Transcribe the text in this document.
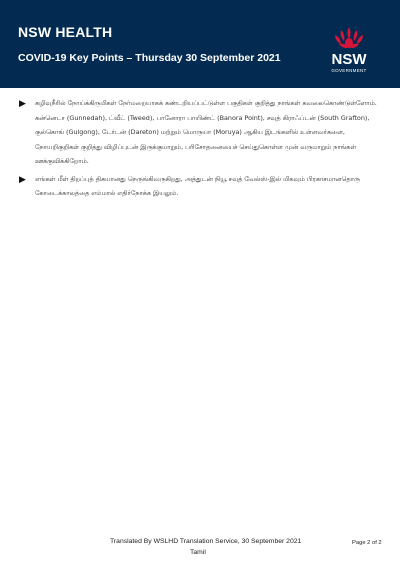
NSW HEALTH
COVID-19 Key Points – Thursday 30 September 2021	NSW
GOVERNMENT
▶	கழிவுநீரில் நோய்க்கிருமிகள் நேர்மறையாகக் கண்டறியப்பட்டுள்ள பகுதிகள் குறித்து நாங்கள் கவலைகொண்டுள்ளோம். கன்னெடா (Gunnedah), ட்வீட் (Tweed), பானோரா பாயிண்ட் (Banora Point), சவுத் கிராஃப்டன் (South Grafton), குல்கொங் (Gulgong), டேர்டன் (Dareton) மற்றும் மொருயா (Moruya) ஆகிய இடங்களில் உள்ளவர்களை, நோயறிகுறிகள் குறித்து விழிப்புடன் இருக்குமாறும், பரிசோதனையைச் செய்துகொள்ள முன் வருமாறும் நாங்கள் ஊக்குவிக்கிறோம்.
▶	எங்கள் மீள் திறப்புத் திசுயானது நெருங்கிவருகிறது, அத்துடன் நியூ சவுத் வேல்ஸ்-இல் மிகவும் பிரகாசமானதொரு கோடைக்காலத்தை எம்மால் எதிர்நோக்க இயலும்.
Translated By WSLHD Translation Service, 30 September 2021
Tamil
Page 2 of 2
